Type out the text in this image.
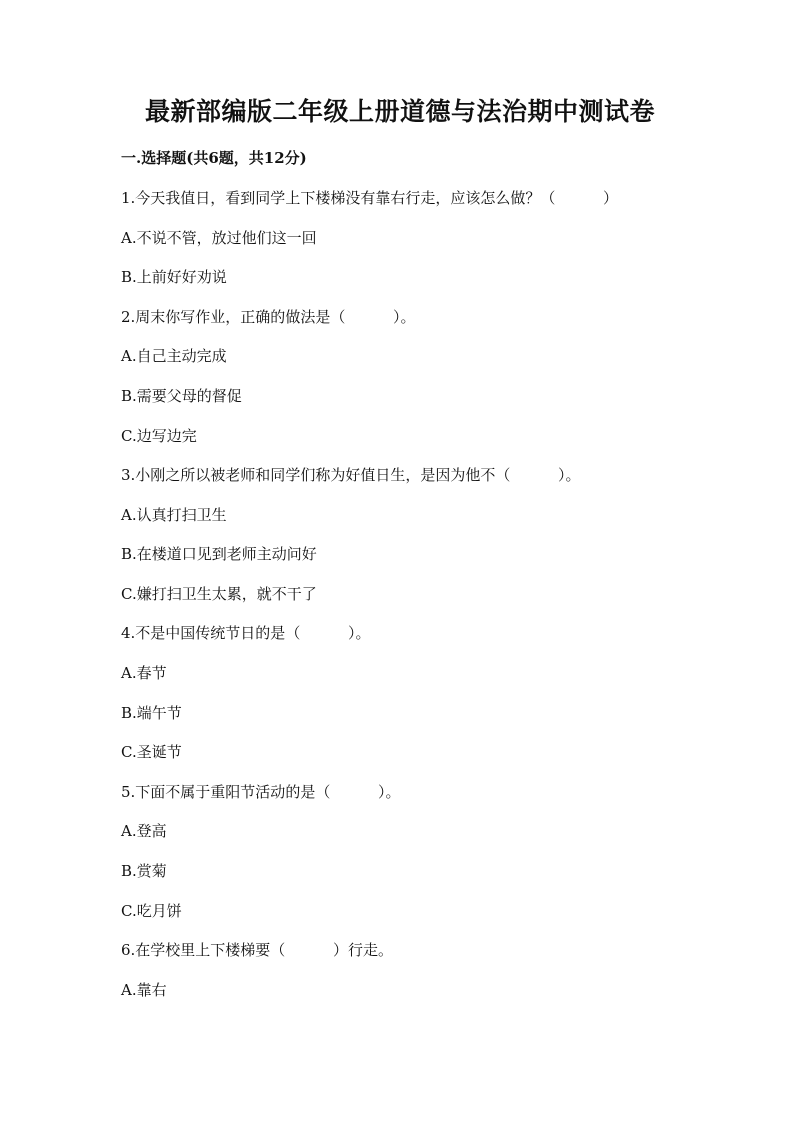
最新部编版二年级上册道德与法治期中测试卷
一.选择题(共6题，共12分)
1.今天我值日，看到同学上下楼梯没有靠右行走，应该怎么做？（          ）
A.不说不管，放过他们这一回
B.上前好好劝说
2.周末你写作业，正确的做法是（          ）。
A.自己主动完成
B.需要父母的督促
C.边写边完
3.小刚之所以被老师和同学们称为好值日生，是因为他不（          ）。
A.认真打扫卫生
B.在楼道口见到老师主动问好
C.嫌打扫卫生太累，就不干了
4.不是中国传统节日的是（          ）。
A.春节
B.端午节
C.圣诞节
5.下面不属于重阳节活动的是（          ）。
A.登高
B.赏菊
C.吃月饼
6.在学校里上下楼梯要（          ）行走。
A.靠右
